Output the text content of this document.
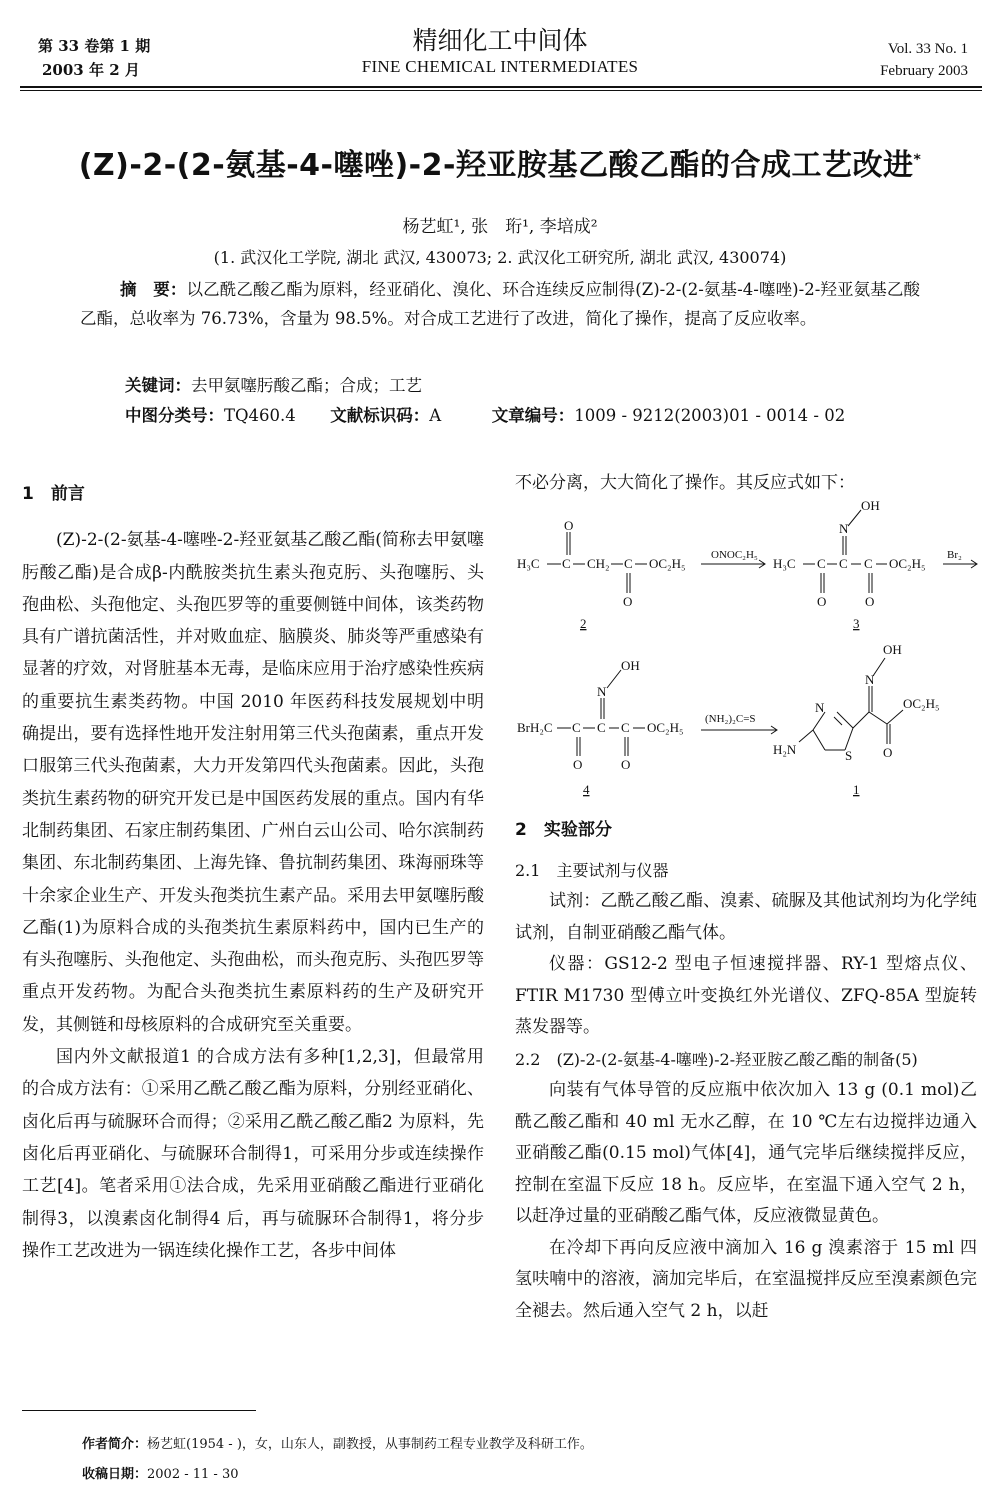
第 33 卷第 1 期
2003 年 2 月
精细化工中间体
FINE CHEMICAL INTERMEDIATES
Vol. 33 No. 1
February 2003
(Z)-2-(2-氨基-4-噻唑)-2-羟亚胺基乙酸乙酯的合成工艺改进*
杨艺虹¹, 张　珩¹, 李培成²
(1. 武汉化工学院, 湖北 武汉, 430073; 2. 武汉化工研究所, 湖北 武汉, 430074)
摘　要：以乙酰乙酸乙酯为原料，经亚硝化、溴化、环合连续反应制得(Z)-2-(2-氨基-4-噻唑)-2-羟亚氨基乙酸乙酯，总收率为 76.73%，含量为 98.5%。对合成工艺进行了改进，简化了操作，提高了反应收率。
关键词：去甲氨噻肟酸乙酯；合成；工艺
中图分类号：TQ460.4 文献标识码：A	文章编号：1009 - 9212(2003)01 - 0014 - 02
1　前言

(Z)-2-(2-氨基-4-噻唑-2-羟亚氨基乙酸乙酯(简称去甲氨噻肟酸乙酯)是合成β-内酰胺类抗生素头孢克肟、头孢噻肟、头孢曲松、头孢他定、头孢匹罗等的重要侧链中间体，该类药物具有广谱抗菌活性，并对败血症、脑膜炎、肺炎等严重感染有显著的疗效，对肾脏基本无毒，是临床应用于治疗感染性疾病的重要抗生素类药物。中国 2010 年医药科技发展规划中明确提出，要有选择性地开发注射用第三代头孢菌素，重点开发口服第三代头孢菌素，大力开发第四代头孢菌素。因此，头孢类抗生素药物的研究开发已是中国医药发展的重点。国内有华北制药集团、石家庄制药集团、广州白云山公司、哈尔滨制药集团、东北制药集团、上海先锋、鲁抗制药集团、珠海丽珠等十余家企业生产、开发头孢类抗生素产品。采用去甲氨噻肟酸乙酯(1)为原料合成的头孢类抗生素原料药中，国内已生产的有头孢噻肟、头孢他定、头孢曲松，而头孢克肟、头孢匹罗等重点开发药物。为配合头孢类抗生素原料药的生产及研究开发，其侧链和母核原料的合成研究至关重要。

国内外文献报道1 的合成方法有多种[1,2,3]，但最常用的合成方法有：①采用乙酰乙酸乙酯为原料，分别经亚硝化、卤化后再与硫脲环合而得；②采用乙酰乙酸乙酯2 为原料，先卤化后再亚硝化、与硫脲环合制得1，可采用分步或连续操作工艺[4]。笔者采用①法合成，先采用亚硝酸乙酯进行亚硝化制得3，以溴素卤化制得4 后，再与硫脲环合制得1，将分步操作工艺改进为一锅连续化操作工艺，各步中间体

不必分离，大大简化了操作。其反应式如下：

H₃C C
O
CH₂ C
O
OC₂H₅
2
ONOC₂H₅
H₃C C
O
C
N
OH
C
O
OC₂H₅
3
Br₂
BrH₂C C
O
C
N
OH
C
O
OC₂H₅
4
(NH₂)₂C=S
OH
N
OC₂H₅
O
N
S
H₂N
1
2　实验部分
2.1　主要试剂与仪器

试剂：乙酰乙酸乙酯、溴素、硫脲及其他试剂均为化学纯试剂，自制亚硝酸乙酯气体。

仪器：GS12-2 型电子恒速搅拌器、RY-1 型熔点仪、FTIR M1730 型傅立叶变换红外光谱仪、ZFQ-85A 型旋转蒸发器等。

2.2　(Z)-2-(2-氨基-4-噻唑)-2-羟亚胺乙酸乙酯的制备(5)

向装有气体导管的反应瓶中依次加入 13 g (0.1 mol)乙酰乙酸乙酯和 40 ml 无水乙醇，在 10 ℃左右边搅拌边通入亚硝酸乙酯(0.15 mol)气体[4]，通气完毕后继续搅拌反应，控制在室温下反应 18 h。反应毕，在室温下通入空气 2 h，以赶净过量的亚硝酸乙酯气体，反应液微显黄色。

在冷却下再向反应液中滴加入 16 g 溴素溶于 15 ml 四氢呋喃中的溶液，滴加完毕后，在室温搅拌反应至溴素颜色完全褪去。然后通入空气 2 h，以赶

作者简介：杨艺虹(1954 - )，女，山东人，副教授，从事制药工程专业教学及科研工作。
收稿日期：2002 - 11 - 30
